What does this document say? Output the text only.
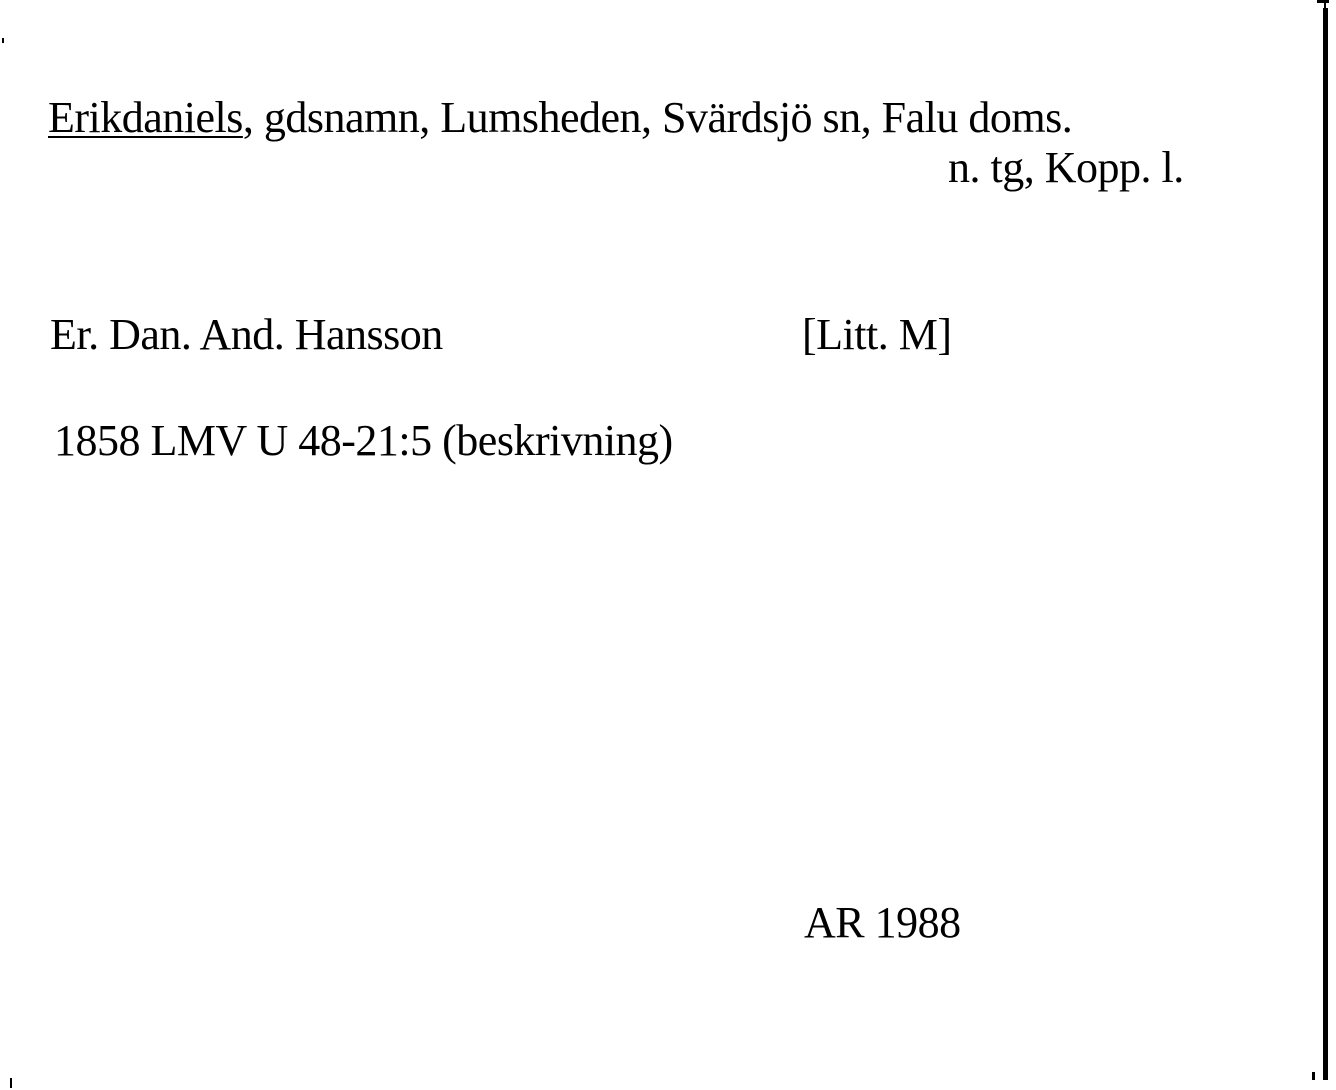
Erikdaniels, gdsnamn, Lumsheden, Svärdsjö sn, Falu doms.
n. tg, Kopp. l.
Er. Dan. And. Hansson	[Litt. M]
1858 LMV U 48-21:5 (beskrivning)
AR 1988
